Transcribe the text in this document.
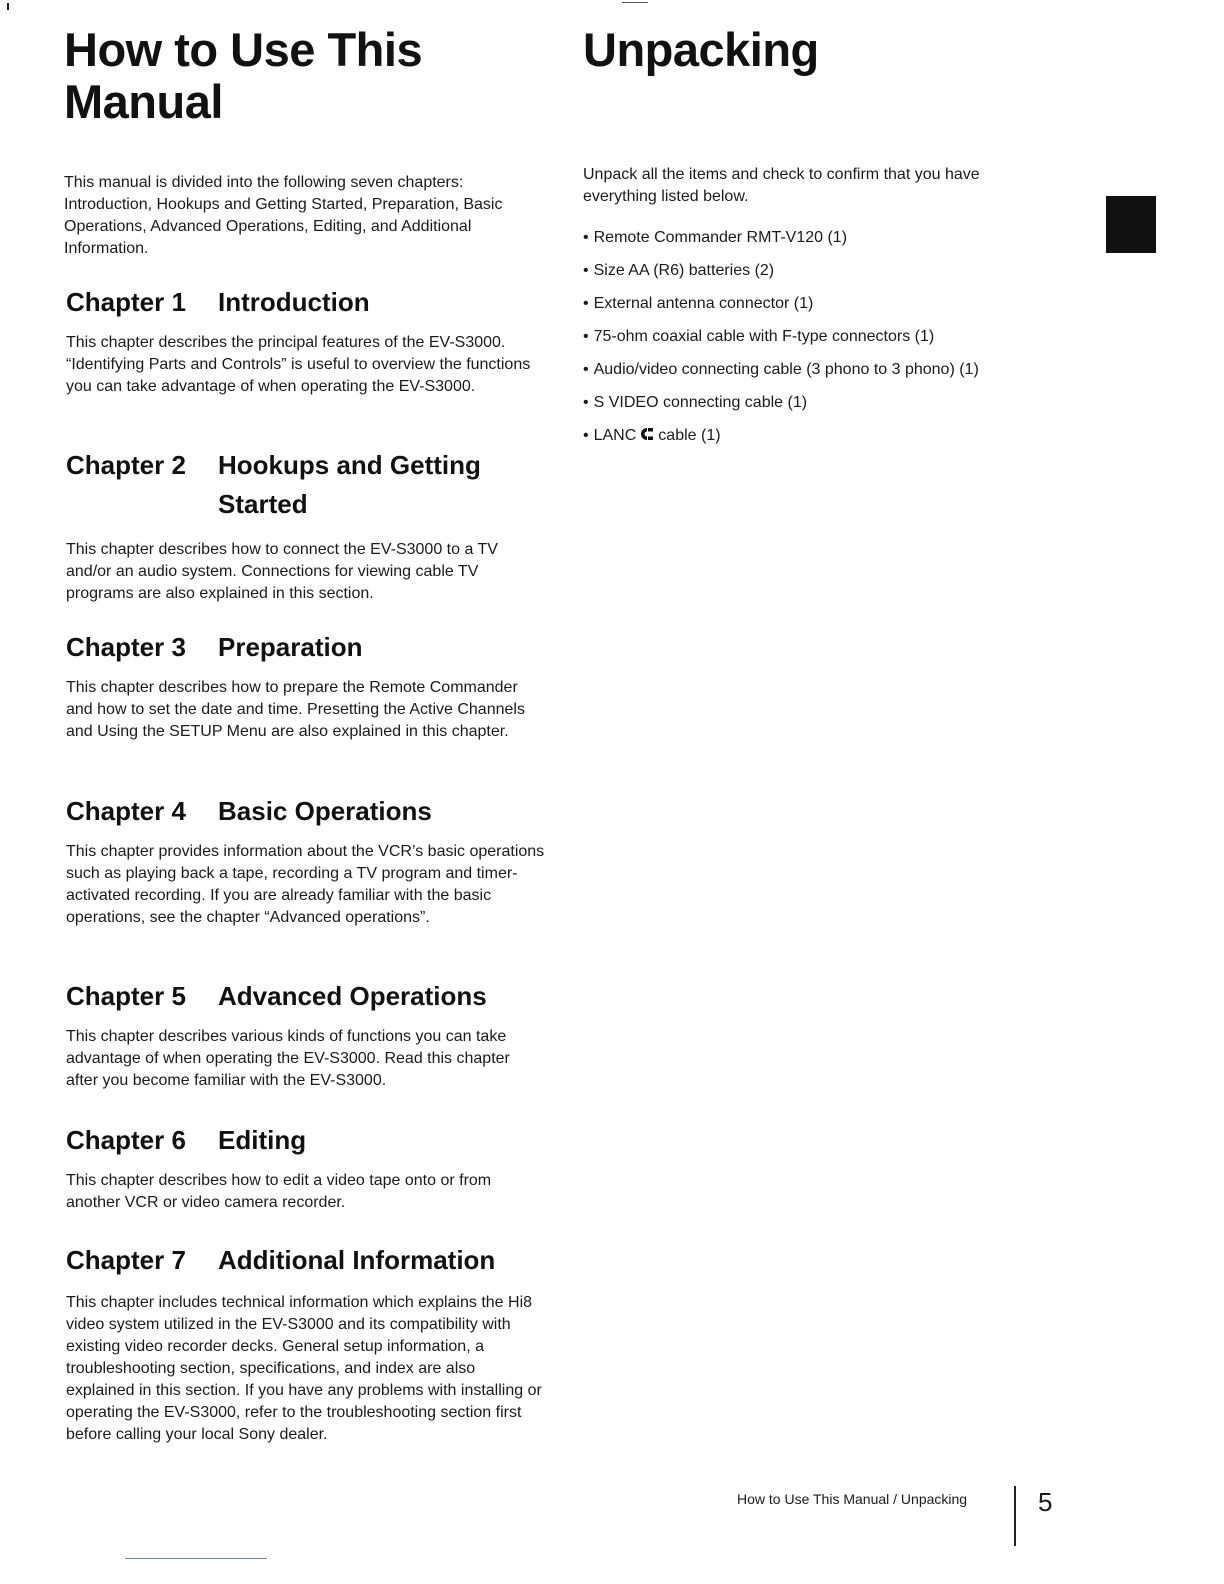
How to Use This Manual

This manual is divided into the following seven chapters: Introduction, Hookups and Getting Started, Preparation, Basic Operations, Advanced Operations, Editing, and Additional Information.

Chapter 1	Introduction

This chapter describes the principal features of the EV-S3000. “Identifying Parts and Controls” is useful to overview the functions you can take advantage of when operating the EV-S3000.

Chapter 2	Hookups and Getting Started

This chapter describes how to connect the EV-S3000 to a TV and/or an audio system. Connections for viewing cable TV programs are also explained in this section.

Chapter 3	Preparation

This chapter describes how to prepare the Remote Commander and how to set the date and time. Presetting the Active Channels and Using the SETUP Menu are also explained in this chapter.

Chapter 4	Basic Operations

This chapter provides information about the VCR’s basic operations such as playing back a tape, recording a TV program and timer-activated recording. If you are already familiar with the basic operations, see the chapter “Advanced operations”.

Chapter 5	Advanced Operations

This chapter describes various kinds of functions you can take advantage of when operating the EV-S3000. Read this chapter after you become familiar with the EV-S3000.

Chapter 6	Editing

This chapter describes how to edit a video tape onto or from another VCR or video camera recorder.

Chapter 7	Additional Information

This chapter includes technical information which explains the Hi8 video system utilized in the EV-S3000 and its compatibility with existing video recorder decks. General setup information, a troubleshooting section, specifications, and index are also explained in this section. If you have any problems with installing or operating the EV-S3000, refer to the troubleshooting section first before calling your local Sony dealer.

Unpacking

Unpack all the items and check to confirm that you have everything listed below.

• Remote Commander RMT-V120 (1)
• Size AA (R6) batteries (2)
• External antenna connector (1)
• 75-ohm coaxial cable with F-type connectors (1)
• Audio/video connecting cable (3 phono to 3 phono) (1)
• S VIDEO connecting cable (1)
• LANC cable (1)
How to Use This Manual / Unpacking	5
